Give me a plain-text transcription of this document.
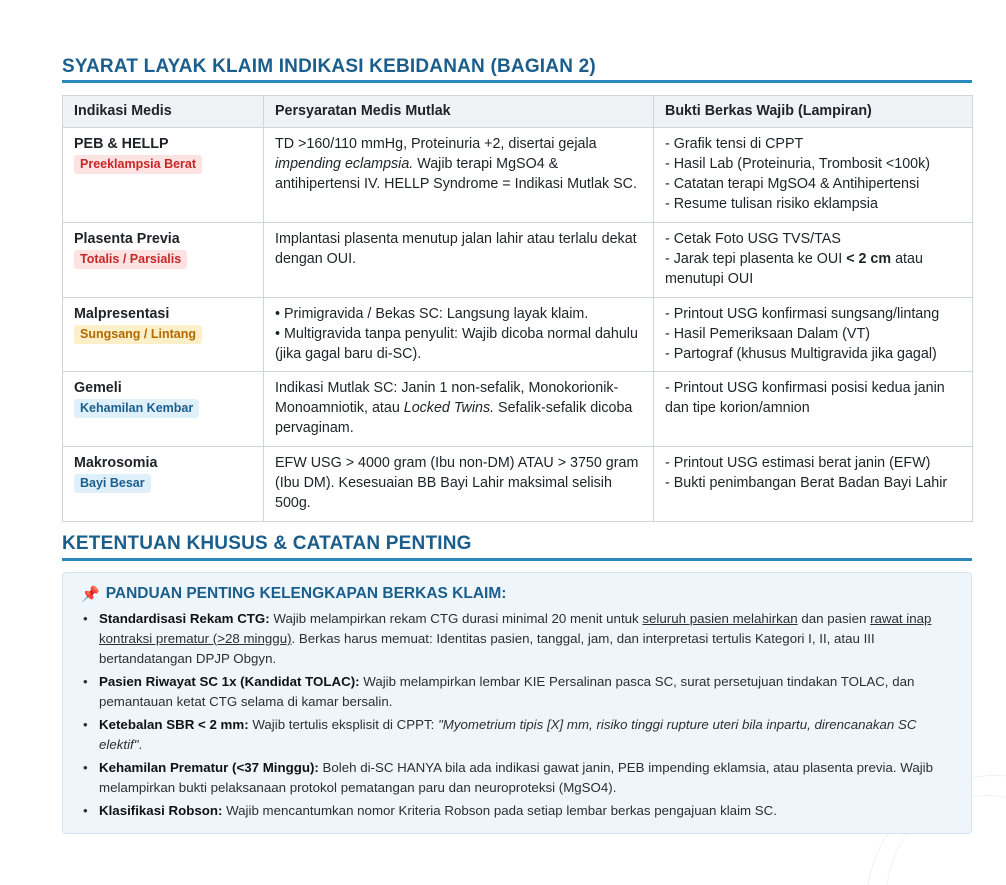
SYARAT LAYAK KLAIM INDIKASI KEBIDANAN (BAGIAN 2)
Indikasi Medis	Persyaratan Medis Mutlak	Bukti Berkas Wajib (Lampiran)

PEB & HELLP
Preeklampsia Berat	TD >160/110 mmHg, Proteinuria +2, disertai gejala impending eclampsia. Wajib terapi MgSO4 & antihipertensi IV. HELLP Syndrome = Indikasi Mutlak SC.	- Grafik tensi di CPPT
- Hasil Lab (Proteinuria, Trombosit <100k)
- Catatan terapi MgSO4 & Antihipertensi
- Resume tulisan risiko eklampsia

Plasenta Previa
Totalis / Parsialis	Implantasi plasenta menutup jalan lahir atau terlalu dekat dengan OUI.	- Cetak Foto USG TVS/TAS
- Jarak tepi plasenta ke OUI < 2 cm atau menutupi OUI

Malpresentasi
Sungsang / Lintang	• Primigravida / Bekas SC: Langsung layak klaim.
• Multigravida tanpa penyulit: Wajib dicoba normal dahulu (jika gagal baru di-SC).	- Printout USG konfirmasi sungsang/lintang
- Hasil Pemeriksaan Dalam (VT)
- Partograf (khusus Multigravida jika gagal)

Gemeli
Kehamilan Kembar	Indikasi Mutlak SC: Janin 1 non-sefalik, Monokorionik-Monoamniotik, atau Locked Twins. Sefalik-sefalik dicoba pervaginam.	- Printout USG konfirmasi posisi kedua janin dan tipe korion/amnion

Makrosomia
Bayi Besar	EFW USG > 4000 gram (Ibu non-DM) ATAU > 3750 gram (Ibu DM). Kesesuaian BB Bayi Lahir maksimal selisih 500g.	- Printout USG estimasi berat janin (EFW)
- Bukti penimbangan Berat Badan Bayi Lahir
KETENTUAN KHUSUS & CATATAN PENTING
📌 PANDUAN PENTING KELENGKAPAN BERKAS KLAIM:
• Standardisasi Rekam CTG: Wajib melampirkan rekam CTG durasi minimal 20 menit untuk seluruh pasien melahirkan dan pasien rawat inap kontraksi prematur (>28 minggu). Berkas harus memuat: Identitas pasien, tanggal, jam, dan interpretasi tertulis Kategori I, II, atau III bertandatangan DPJP Obgyn.
• Pasien Riwayat SC 1x (Kandidat TOLAC): Wajib melampirkan lembar KIE Persalinan pasca SC, surat persetujuan tindakan TOLAC, dan pemantauan ketat CTG selama di kamar bersalin.
• Ketebalan SBR < 2 mm: Wajib tertulis eksplisit di CPPT: "Myometrium tipis [X] mm, risiko tinggi rupture uteri bila inpartu, direncanakan SC elektif".
• Kehamilan Prematur (<37 Minggu): Boleh di-SC HANYA bila ada indikasi gawat janin, PEB impending eklamsia, atau plasenta previa. Wajib melampirkan bukti pelaksanaan protokol pematangan paru dan neuroproteksi (MgSO4).
• Klasifikasi Robson: Wajib mencantumkan nomor Kriteria Robson pada setiap lembar berkas pengajuan klaim SC.
